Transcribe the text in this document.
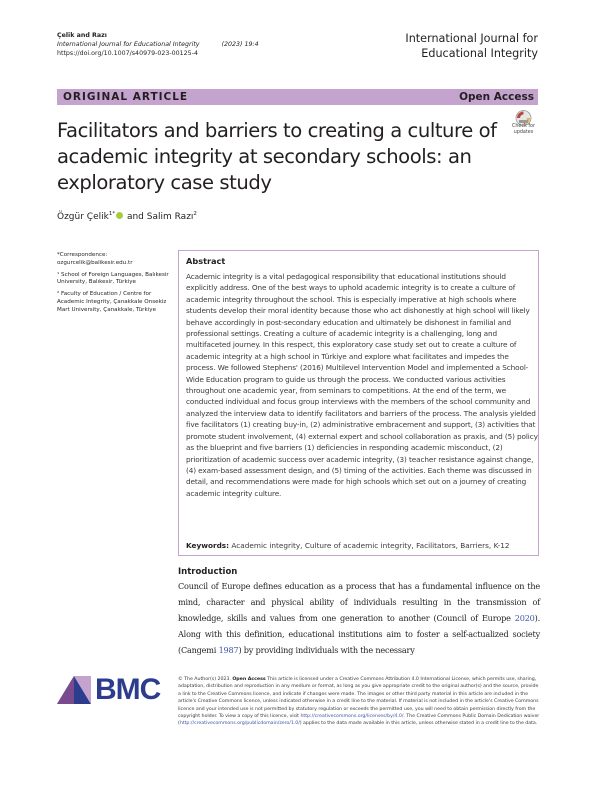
Çelik and Razı
International Journal for Educational Integrity	(2023) 19:4
https://doi.org/10.1007/s40979-023-00125-4
International Journal for
Educational Integrity
ORIGINAL ARTICLE	Open Access
Facilitators and barriers to creating a culture of academic integrity at secondary schools: an exploratory case study
Check for
updates
Özgür Çelik$^{1*}$ and Salim Razı$^2$

*Correspondence:
ozgurcelik@balikesir.edu.tr

¹ School of Foreign Languages, Balıkesir University, Balıkesir, Türkiye

² Faculty of Education / Centre for Academic Integrity, Çanakkale Onsekiz Mart University, Çanakkale, Türkiye

Abstract
Academic integrity is a vital pedagogical responsibility that educational institutions should explicitly address. One of the best ways to uphold academic integrity is to create a culture of academic integrity throughout the school. This is especially imperative at high schools where students develop their moral identity because those who act dishonestly at high school will likely behave accordingly in post-secondary education and ultimately be dishonest in familial and professional settings. Creating a culture of academic integrity is a challenging, long and multifaceted journey. In this respect, this exploratory case study set out to create a culture of academic integrity at a high school in Türkiye and explore what facilitates and impedes the process. We followed Stephens' (2016) Multilevel Intervention Model and implemented a School-Wide Education program to guide us through the process. We conducted various activities throughout one academic year, from seminars to competitions. At the end of the term, we conducted individual and focus group interviews with the members of the school community and analyzed the interview data to identify facilitators and barriers of the process. The analysis yielded five facilitators (1) creating buy-in, (2) administrative embracement and support, (3) activities that promote student involvement, (4) external expert and school collaboration as praxis, and (5) policy as the blueprint and five barriers (1) deficiencies in responding academic misconduct, (2) prioritization of academic success over academic integrity, (3) teacher resistance against change, (4) exam-based assessment design, and (5) timing of the activities. Each theme was discussed in detail, and recommendations were made for high schools which set out on a journey of creating academic integrity culture.
Keywords: Academic integrity, Culture of academic integrity, Facilitators, Barriers, K-12
Introduction
Council of Europe defines education as a process that has a fundamental influence on the mind, character and physical ability of individuals resulting in the transmission of knowledge, skills and values from one generation to another (Council of Europe 2020). Along with this definition, educational institutions aim to foster a self-actualized society (Cangemi 1987) by providing individuals with the necessary
BMC	© The Author(s) 2023. Open Access This article is licensed under a Creative Commons Attribution 4.0 International License, which permits use, sharing, adaptation, distribution and reproduction in any medium or format, as long as you give appropriate credit to the original author(s) and the source, provide a link to the Creative Commons licence, and indicate if changes were made. The images or other third party material in this article are included in the article's Creative Commons licence, unless indicated otherwise in a credit line to the material. If material is not included in the article's Creative Commons licence and your intended use is not permitted by statutory regulation or exceeds the permitted use, you will need to obtain permission directly from the copyright holder. To view a copy of this licence, visit http://creativecommons.org/licenses/by/4.0/. The Creative Commons Public Domain Dedication waiver (http://creativecommons.org/publicdomain/zero/1.0/) applies to the data made available in this article, unless otherwise stated in a credit line to the data.
